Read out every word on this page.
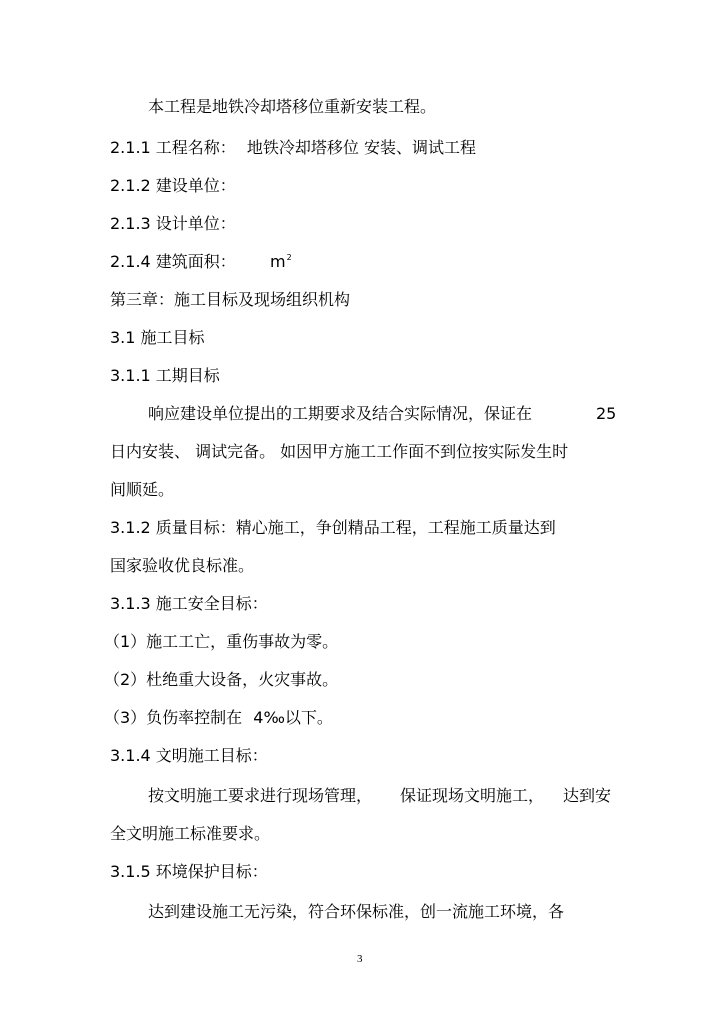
本工程是地铁冷却塔移位重新安装工程。
2.1.1 工程名称： 地铁冷却塔移位 安装、调试工程
2.1.2 建设单位：
2.1.3 设计单位：
2.1.4 建筑面积： $m^2$
第三章：施工目标及现场组织机构
3.1 施工目标
3.1.1 工期目标
响应建设单位提出的工期要求及结合实际情况，保证在	25
日内安装、 调试完备。 如因甲方施工工作面不到位按实际发生时
间顺延。
3.1.2 质量目标：精心施工，争创精品工程，工程施工质量达到
国家验收优良标准。
3.1.3 施工安全目标：
（1）施工工亡，重伤事故为零。
（2）杜绝重大设备，火灾事故。
（3）负伤率控制在 4‰以下。
3.1.4 文明施工目标：
按文明施工要求进行现场管理， 保证现场文明施工， 达到安
全文明施工标准要求。
3.1.5 环境保护目标：
达到建设施工无污染，符合环保标准，创一流施工环境，各
3
